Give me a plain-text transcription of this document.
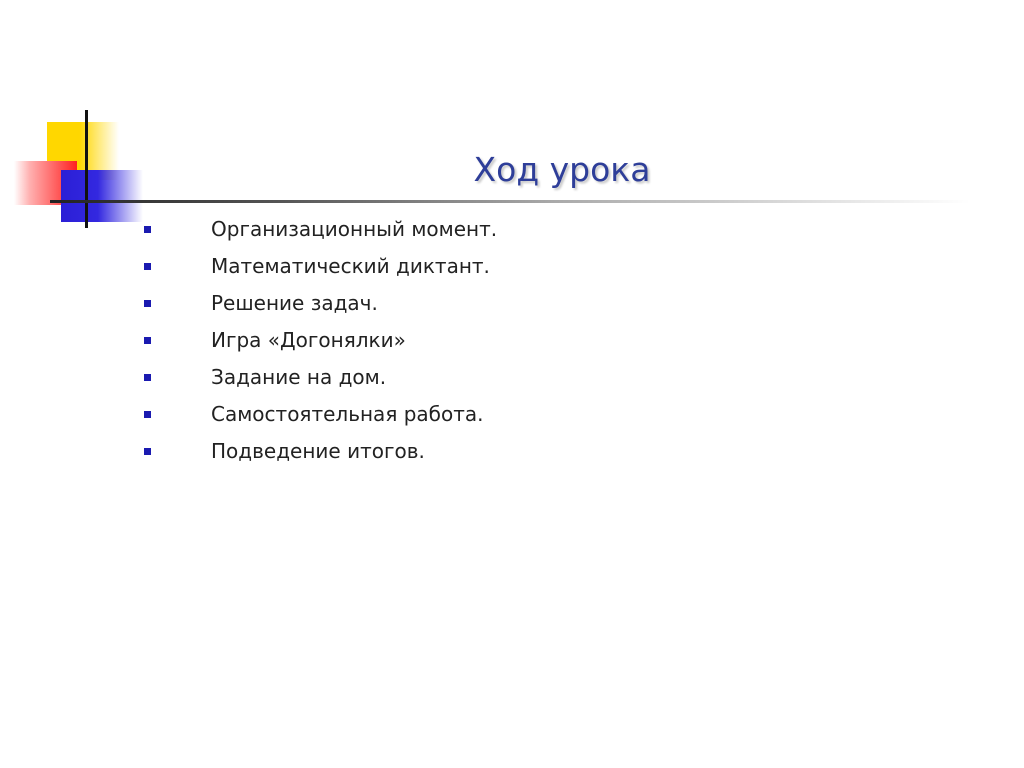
Ход урока
Организационный момент.
Математический диктант.
Решение задач.
Игра «Догонялки»
Задание на дом.
Самостоятельная работа.
Подведение итогов.
